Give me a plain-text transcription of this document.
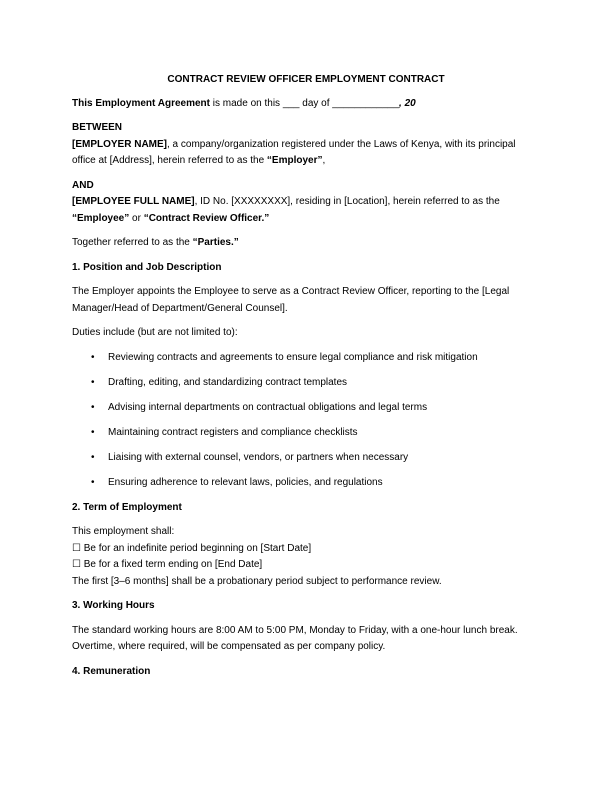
CONTRACT REVIEW OFFICER EMPLOYMENT CONTRACT

This Employment Agreement is made on this ___ day of ____________, 20

BETWEEN
[EMPLOYER NAME], a company/organization registered under the Laws of Kenya, with its principal office at [Address], herein referred to as the “Employer”,

AND
[EMPLOYEE FULL NAME], ID No. [XXXXXXXX], residing in [Location], herein referred to as the “Employee” or “Contract Review Officer.”

Together referred to as the “Parties.”

1. Position and Job Description

The Employer appoints the Employee to serve as a Contract Review Officer, reporting to the [Legal Manager/Head of Department/General Counsel].

Duties include (but are not limited to):

• Reviewing contracts and agreements to ensure legal compliance and risk mitigation
• Drafting, editing, and standardizing contract templates
• Advising internal departments on contractual obligations and legal terms
• Maintaining contract registers and compliance checklists
• Liaising with external counsel, vendors, or partners when necessary
• Ensuring adherence to relevant laws, policies, and regulations
2. Term of Employment

This employment shall:
☐ Be for an indefinite period beginning on [Start Date]
☐ Be for a fixed term ending on [End Date]
The first [3–6 months] shall be a probationary period subject to performance review.

3. Working Hours

The standard working hours are 8:00 AM to 5:00 PM, Monday to Friday, with a one-hour lunch break.
Overtime, where required, will be compensated as per company policy.

4. Remuneration
